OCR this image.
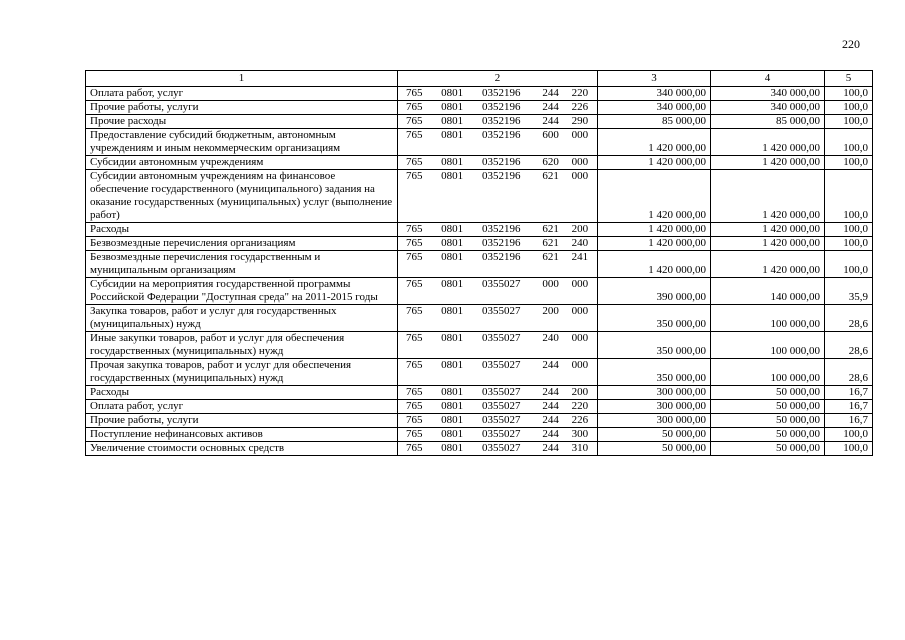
220
1	2	3	4	5
Оплата работ, услуг	765 0801 0352196 244 220	340 000,00	340 000,00	100,0
Прочие работы, услуги	765 0801 0352196 244 226	340 000,00	340 000,00	100,0
Прочие расходы	765 0801 0352196 244 290	85 000,00	85 000,00	100,0
Предоставление субсидий бюджетным, автономным учреждениям и иным некоммерческим организациям	765 0801 0352196 600 000	1 420 000,00	1 420 000,00	100,0
Субсидии автономным учреждениям	765 0801 0352196 620 000	1 420 000,00	1 420 000,00	100,0
Субсидии автономным учреждениям на финансовое обеспечение государственного (муниципального) задания на оказание государственных (муниципальных) услуг (выполнение работ)	765 0801 0352196 621 000	1 420 000,00	1 420 000,00	100,0
Расходы	765 0801 0352196 621 200	1 420 000,00	1 420 000,00	100,0
Безвозмездные перечисления организациям	765 0801 0352196 621 240	1 420 000,00	1 420 000,00	100,0
Безвозмездные перечисления государственным и муниципальным организациям	765 0801 0352196 621 241	1 420 000,00	1 420 000,00	100,0
Субсидии на мероприятия государственной программы Российской Федерации "Доступная среда" на 2011-2015 годы	765 0801 0355027 000 000	390 000,00	140 000,00	35,9
Закупка товаров, работ и услуг для государственных (муниципальных) нужд	765 0801 0355027 200 000	350 000,00	100 000,00	28,6
Иные закупки товаров, работ и услуг для обеспечения государственных (муниципальных) нужд	765 0801 0355027 240 000	350 000,00	100 000,00	28,6
Прочая закупка товаров, работ и услуг для обеспечения государственных (муниципальных) нужд	765 0801 0355027 244 000	350 000,00	100 000,00	28,6
Расходы	765 0801 0355027 244 200	300 000,00	50 000,00	16,7
Оплата работ, услуг	765 0801 0355027 244 220	300 000,00	50 000,00	16,7
Прочие работы, услуги	765 0801 0355027 244 226	300 000,00	50 000,00	16,7
Поступление нефинансовых активов	765 0801 0355027 244 300	50 000,00	50 000,00	100,0
Увеличение стоимости основных средств	765 0801 0355027 244 310	50 000,00	50 000,00	100,0
